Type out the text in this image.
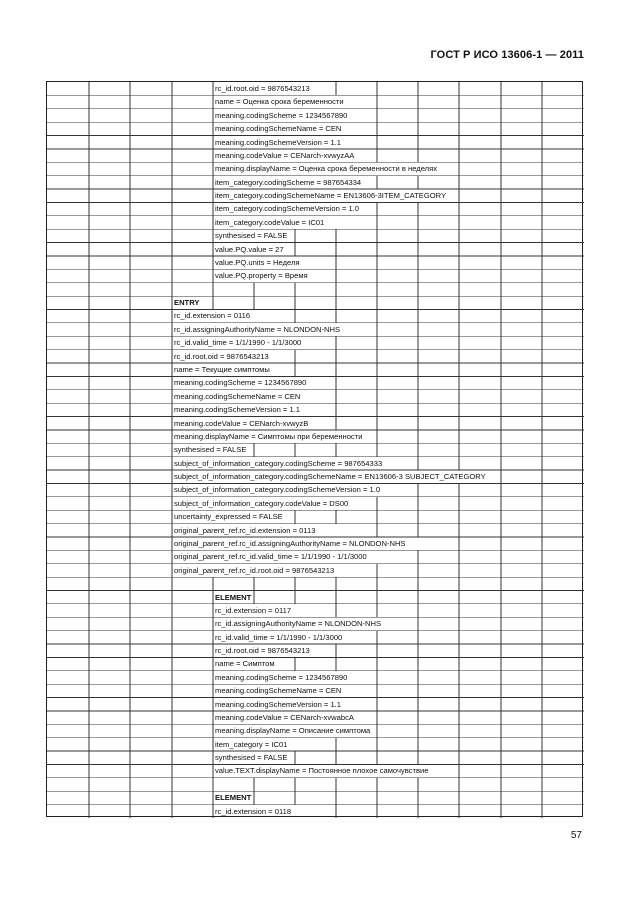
ГОСТ Р ИСО 13606-1 — 2011
rc_id.root.oid = 9876543213
name = Оценка срока беременности
meaning.codingScheme = 1234567890
meaning.codingSchemeName = CEN
meaning.codingSchemeVersion = 1.1
meaning.codeValue = CENarch-xvwyzAA
meaning.displayName = Оценка срока беременности в неделях
item_category.codingScheme = 987654334
item_category.codingSchemeName = EN13606-3ITEM_CATEGORY
item_category.codingSchemeVersion = 1.0
item_category.codeValue = IC01
synthesised = FALSE
value.PQ.value = 27
value.PQ.units = Неделя
value.PQ.property = Время
ENTRY
rc_id.extension = 0116
rc_id.assigningAuthorityName = NLONDON-NHS
rc_id.valid_time = 1/1/1990 - 1/1/3000
rc_id.root.oid = 9876543213
name = Текущие симптомы
meaning.codingScheme = 1234567890
meaning.codingSchemeName = CEN
meaning.codingSchemeVersion = 1.1
meaning.codeValue = CENarch-xvwyzB
meaning.displayName = Симптомы при беременности
synthesised = FALSE
subject_of_information_category.codingScheme = 987654333
subject_of_information_category.codingSchemeName = EN13606-3 SUBJECT_CATEGORY
subject_of_information_category.codingSchemeVersion = 1.0
subject_of_information_category.codeValue = DS00
uncertainty_expressed = FALSE
original_parent_ref.rc_id.extension = 0113
original_parent_ref.rc_id.assigningAuthorityName = NLONDON-NHS
original_parent_ref.rc_id.valid_time = 1/1/1990 - 1/1/3000
original_parent_ref.rc_id.root.oid = 9876543213
ELEMENT
rc_id.extension = 0117
rc_id.assigningAuthorityName = NLONDON-NHS
rc_id.valid_time = 1/1/1990 - 1/1/3000
rc_id.root.oid = 9876543213
name = Симптом
meaning.codingScheme = 1234567890
meaning.codingSchemeName = CEN
meaning.codingSchemeVersion = 1.1
meaning.codeValue = CENarch-xvwabcA
meaning.displayName = Описание симптома
item_category = IC01
synthesised = FALSE
value.TEXT.displayName = Постоянное плохое самочувствие
ELEMENT
rc_id.extension = 0118
57
